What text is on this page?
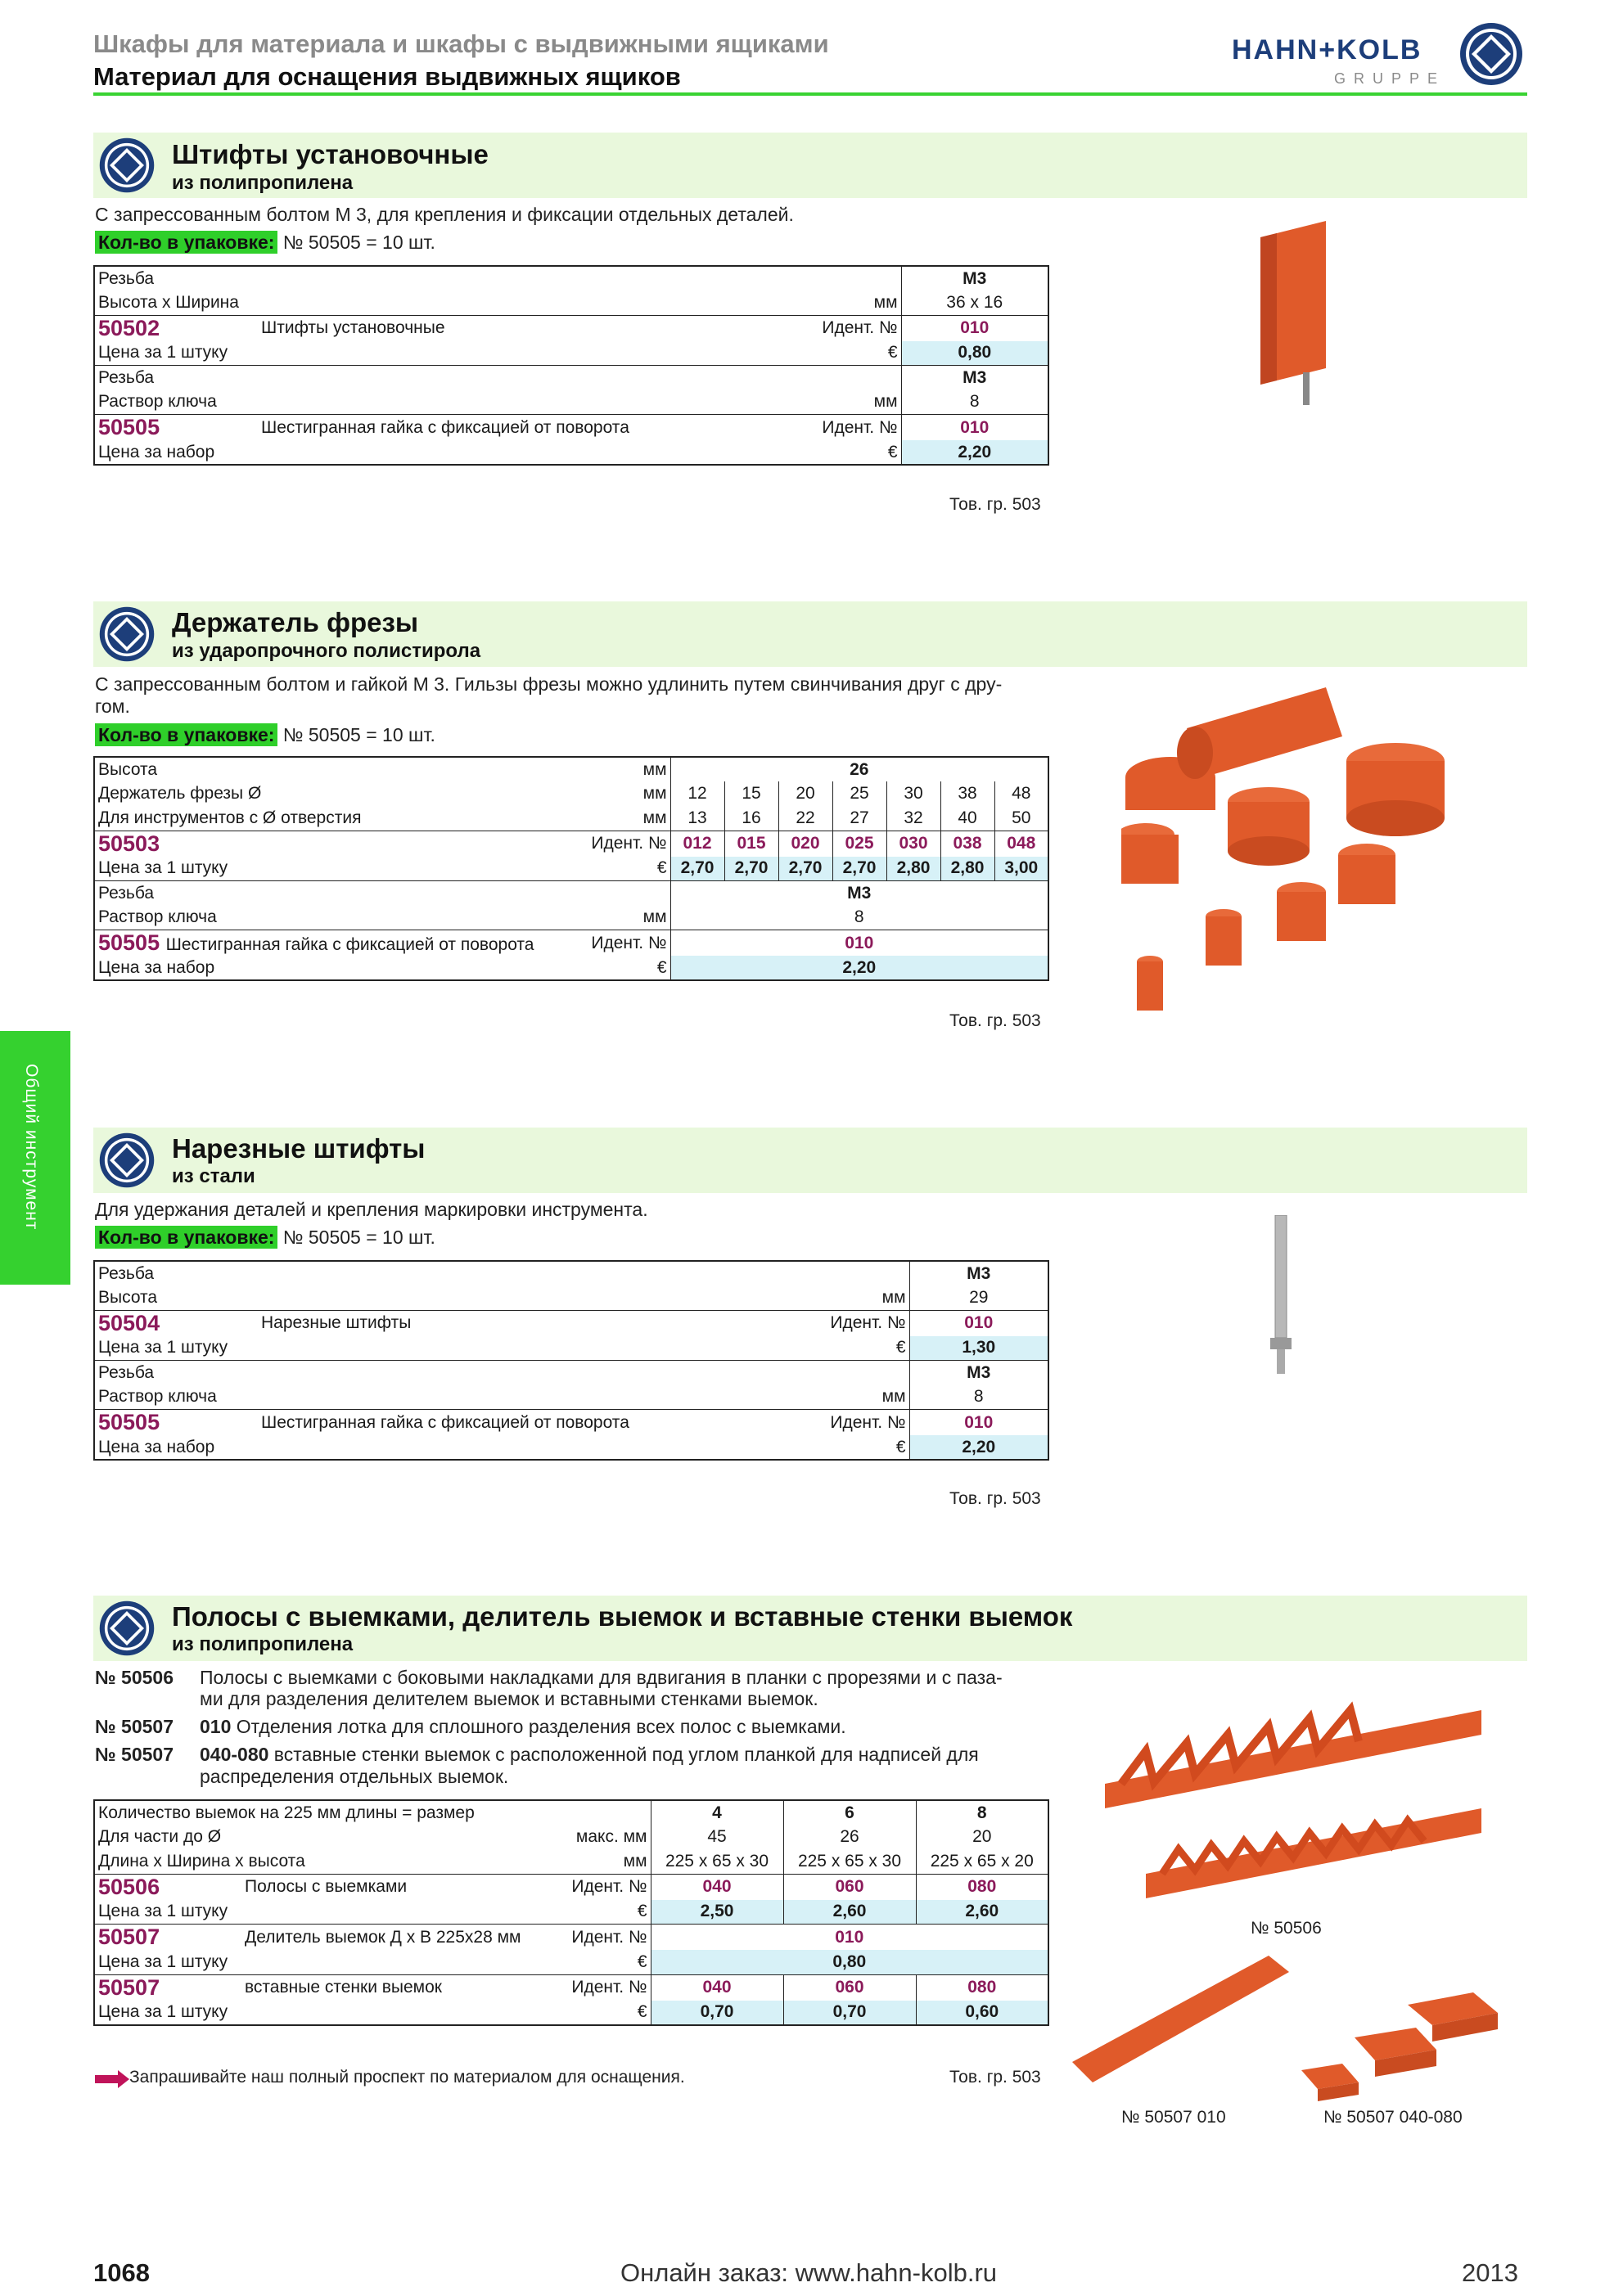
Шкафы для материала и шкафы с выдвижными ящиками
Материал для оснащения выдвижных ящиков
HAHN+KOLB
GRUPPE
Общий инструмент
Штифты установочные
из полипропилена
С запрессованным болтом М 3, для крепления и фиксации отдельных деталей.
Кол-во в упаковке: № 50505 = 10 шт.
Резьба			M3
Высота x Ширина		мм	36 x 16
50502	Штифты установочные	Идент. №	010
Цена за 1 штуку		€	0,80
Резьба			M3
Раствор ключа		мм	8
50505	Шестигранная гайка с фиксацией от поворота	Идент. №	010
Цена за набор		€	2,20
Тов. гр. 503
Держатель фрезы
из ударопрочного полистирола
С запрессованным болтом и гайкой М 3. Гильзы фрезы можно удлинить путем свинчивания друг с дру-
гом.
Кол-во в упаковке: № 50505 = 10 шт.
Высота	мм	26						
Держатель фрезы Ø	мм	12	15	20	25	30	38	48
Для инструментов с Ø отверстия	мм	13	16	22	27	32	40	50
50503	Идент. №	012	015	020	025	030	038	048
Цена за 1 штуку	€	2,70	2,70	2,70	2,70	2,80	2,80	3,00
Резьба		M3						
Раствор ключа	мм	8						
50505 Шестигранная гайка с фиксацией от поворота	Идент. №	010						
Цена за набор	€	2,20						
Тов. гр. 503
Нарезные штифты
из стали
Для удержания деталей и крепления маркировки инструмента.
Кол-во в упаковке: № 50505 = 10 шт.
Резьба			M3
Высота		мм	29
50504	Нарезные штифты	Идент. №	010
Цена за 1 штуку		€	1,30
Резьба			M3
Раствор ключа		мм	8
50505	Шестигранная гайка с фиксацией от поворота	Идент. №	010
Цена за набор		€	2,20
Тов. гр. 503
Полосы с выемками, делитель выемок и вставные стенки выемок
из полипропилена
№ 50506 Полосы с выемками с боковыми накладками для вдвигания в планки с прорезями и с паза-
ми для разделения делителем выемок и вставными стенками выемок.
№ 50507 010 Отделения лотка для сплошного разделения всех полос с выемками.
№ 50507 040-080 вставные стенки выемок с расположенной под углом планкой для надписей для
распределения отдельных выемок.
Количество выемок на 225 мм длины = размер			4	6	8
Для части до Ø		макс. мм	45	26	20
Длина x Ширина x высота		мм	225 x 65 x 30	225 x 65 x 30	225 x 65 x 20
50506	Полосы с выемками	Идент. №	040	060	080
Цена за 1 штуку		€	2,50	2,60	2,60
50507	Делитель выемок Д x В 225x28 мм	Идент. №	010		
Цена за 1 штуку		€	0,80		
50507	вставные стенки выемок	Идент. №	040	060	080
Цена за 1 штуку		€	0,70	0,70	0,60
Запрашивайте наш полный проспект по материалом для оснащения.	Тов. гр. 503
№ 50506
№ 50507 010	№ 50507 040-080
1068	Онлайн заказ: www.hahn-kolb.ru	2013
